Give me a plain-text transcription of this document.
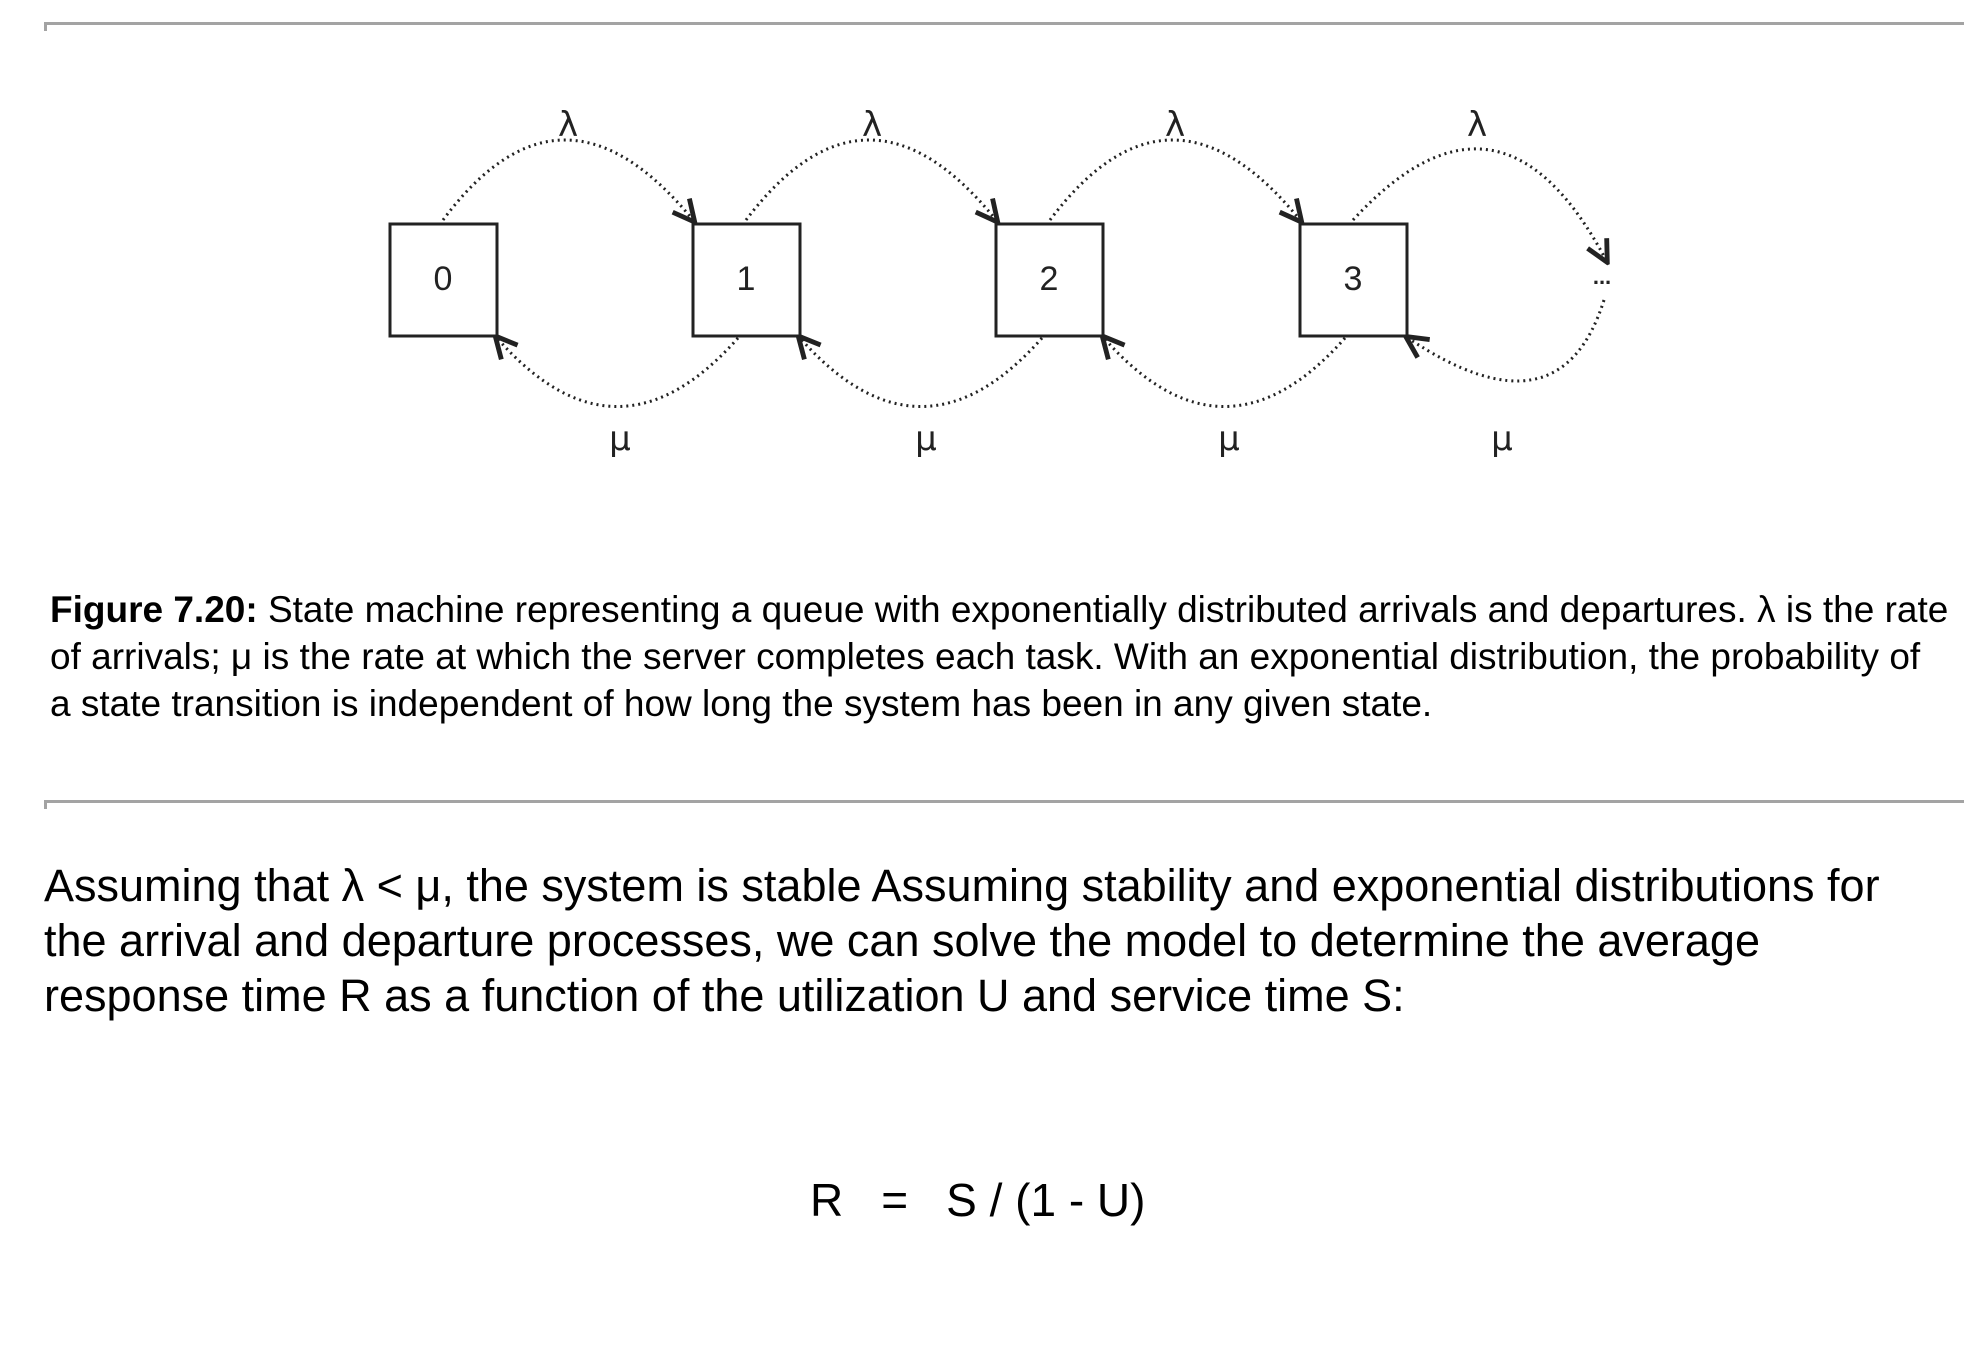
0	1	2	3	...
λ	λ	λ	λ
μ	μ	μ	μ

Figure 7.20: State machine representing a queue with exponentially distributed arrivals and departures. λ is the rate of arrivals; μ is the rate at which the server completes each task. With an exponential distribution, the probability of a state transition is independent of how long the system has been in any given state.

Assuming that λ < μ, the system is stable Assuming stability and exponential distributions for the arrival and departure processes, we can solve the model to determine the average response time R as a function of the utilization U and service time S:

R = S / (1 - U)
